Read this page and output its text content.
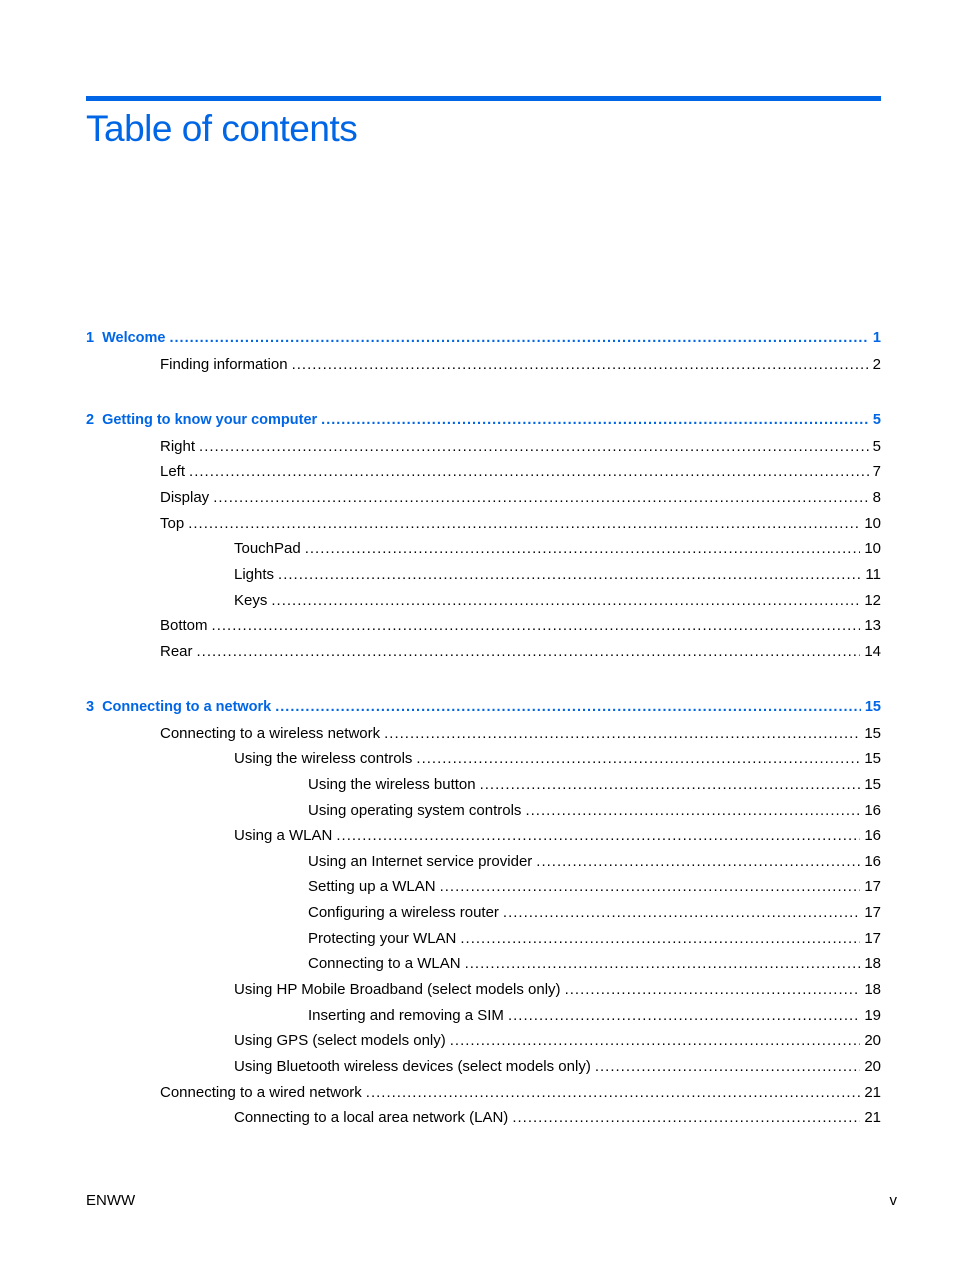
Table of contents
1 Welcome .....	1
Finding information .....	2
2 Getting to know your computer .....	5
Right .....	5
Left .....	7
Display .....	8
Top .....	10
TouchPad .....	10
Lights .....	11
Keys .....	12
Bottom .....	13
Rear .....	14
3 Connecting to a network .....	15
Connecting to a wireless network .....	15
Using the wireless controls .....	15
Using the wireless button .....	15
Using operating system controls .....	16
Using a WLAN .....	16
Using an Internet service provider .....	16
Setting up a WLAN .....	17
Configuring a wireless router .....	17
Protecting your WLAN .....	17
Connecting to a WLAN .....	18
Using HP Mobile Broadband (select models only) .....	18
Inserting and removing a SIM .....	19
Using GPS (select models only) .....	20
Using Bluetooth wireless devices (select models only) .....	20
Connecting to a wired network .....	21
Connecting to a local area network (LAN) .....	21
ENWW	v
